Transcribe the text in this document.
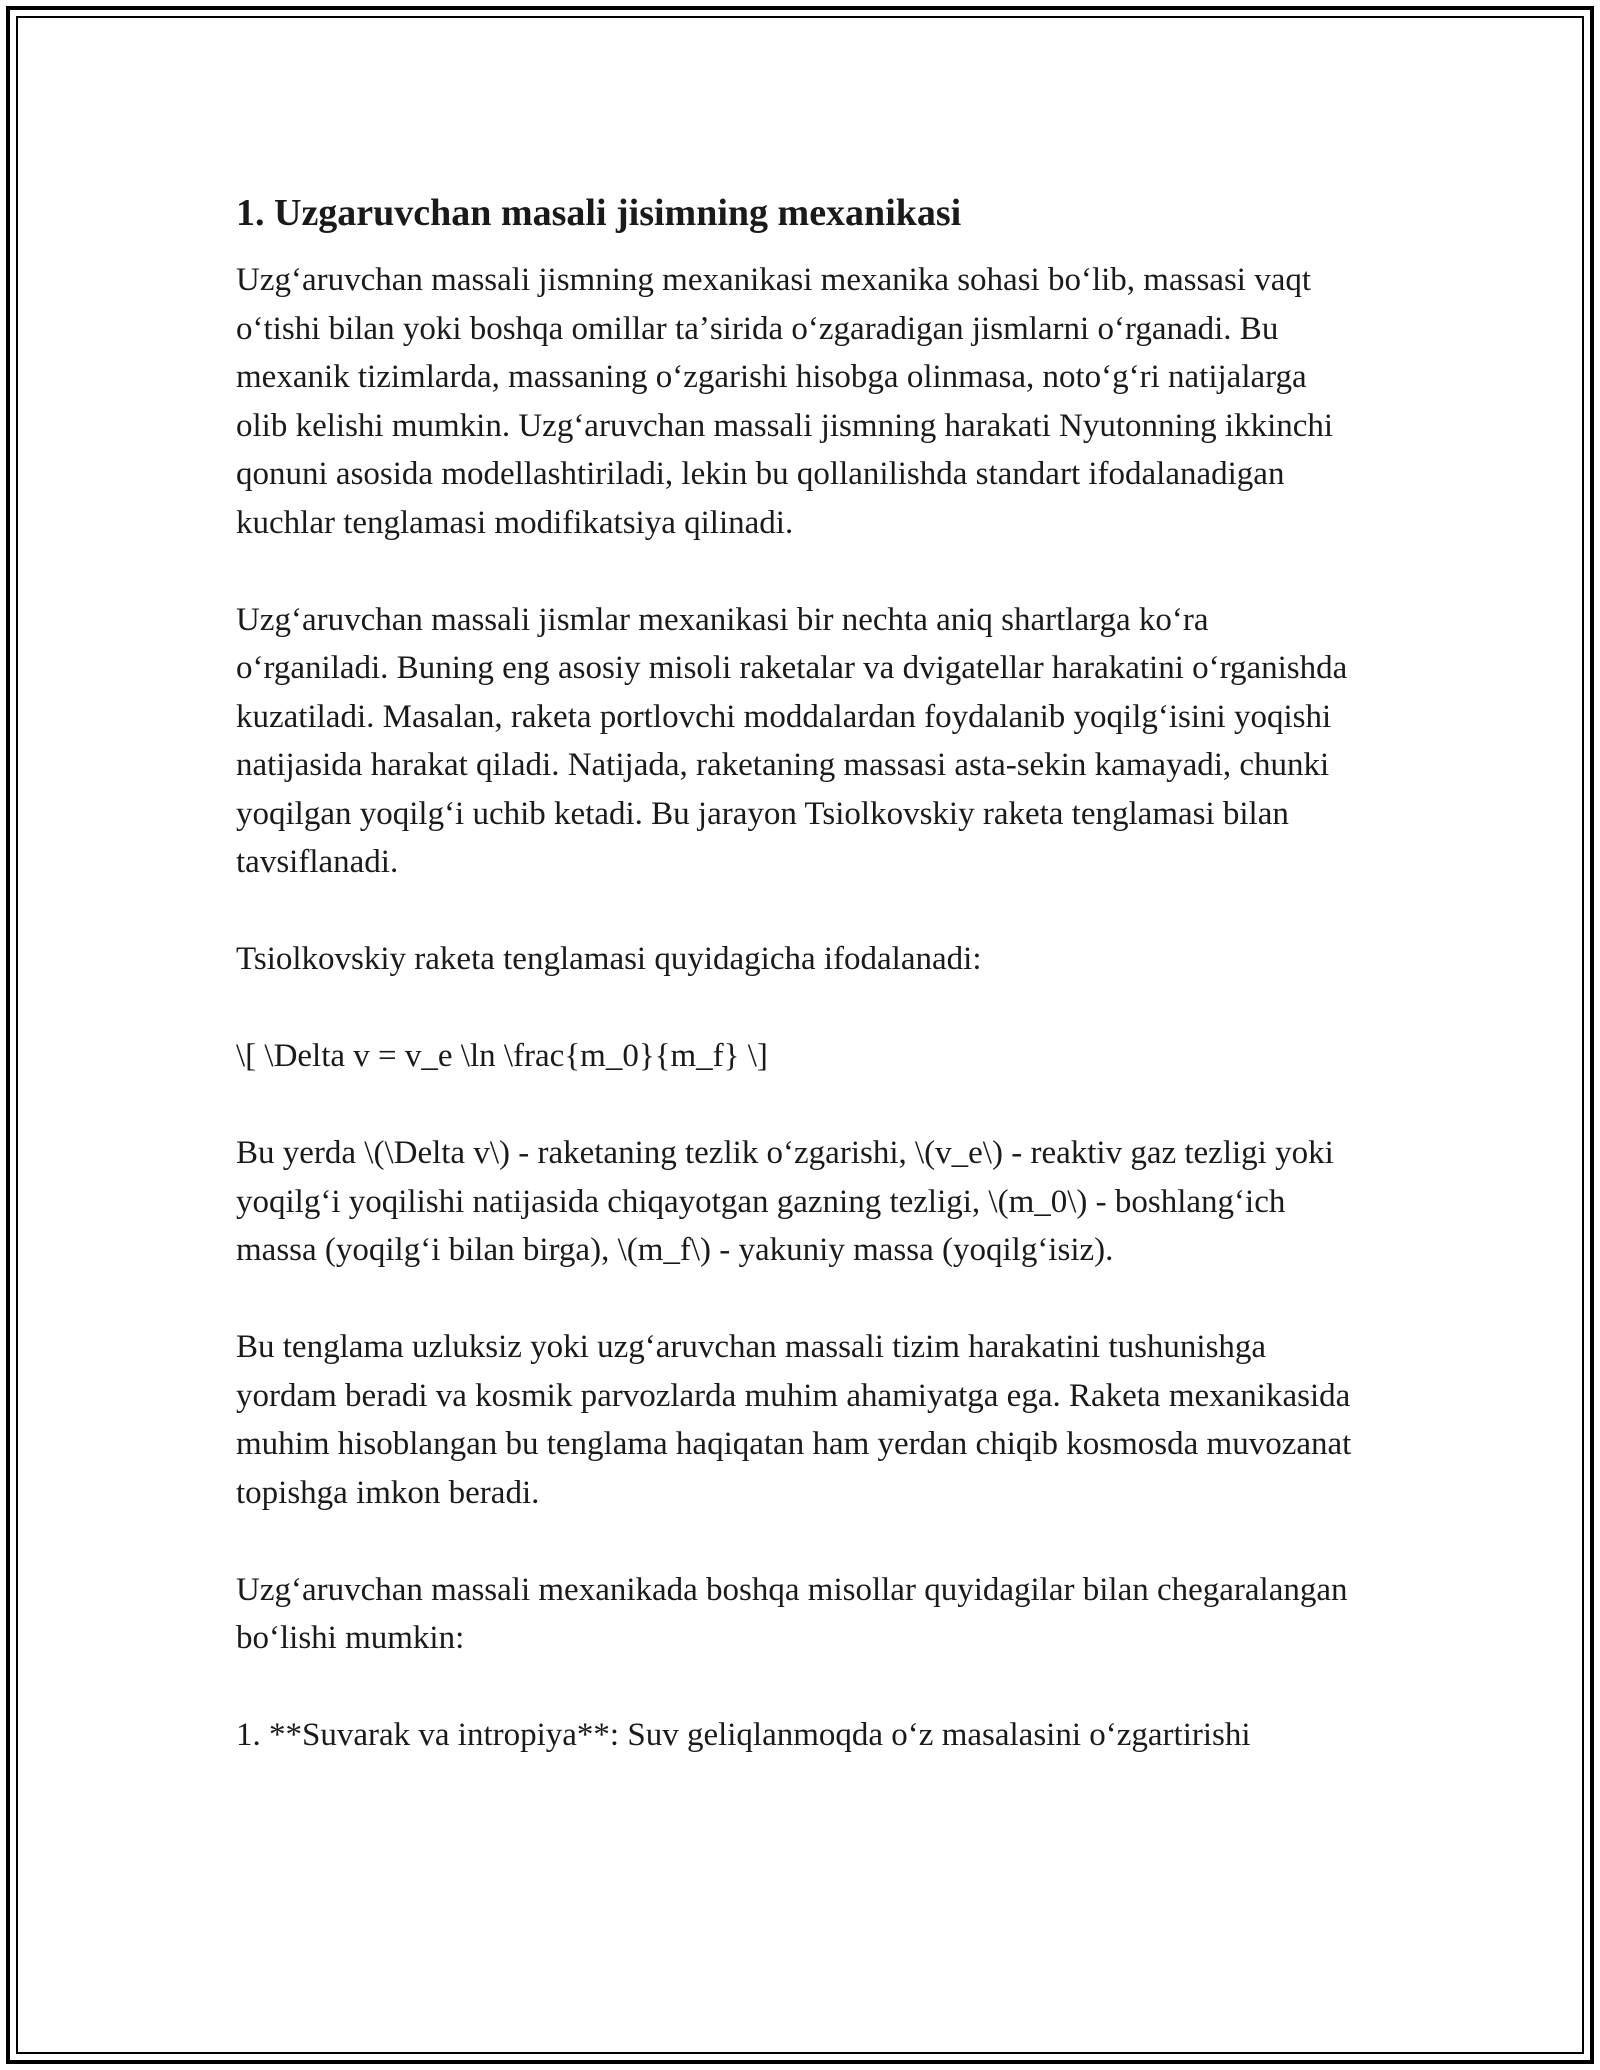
1. Uzgaruvchan masali jisimning mexanikasi

Uzgʻaruvchan massali jismning mexanikasi mexanika sohasi boʻlib, massasi vaqt oʻtishi bilan yoki boshqa omillar taʼsirida oʻzgaradigan jismlarni oʻrganadi. Bu mexanik tizimlarda, massaning oʻzgarishi hisobga olinmasa, notoʻgʻri natijalarga olib kelishi mumkin. Uzgʻaruvchan massali jismning harakati Nyutonning ikkinchi qonuni asosida modellashtiriladi, lekin bu qollanilishda standart ifodalanadigan kuchlar tenglamasi modifikatsiya qilinadi.

Uzgʻaruvchan massali jismlar mexanikasi bir nechta aniq shartlarga koʻra oʻrganiladi. Buning eng asosiy misoli raketalar va dvigatellar harakatini oʻrganishda kuzatiladi. Masalan, raketa portlovchi moddalardan foydalanib yoqilgʻisini yoqishi natijasida harakat qiladi. Natijada, raketaning massasi asta-sekin kamayadi, chunki yoqilgan yoqilgʻi uchib ketadi. Bu jarayon Tsiolkovskiy raketa tenglamasi bilan tavsiflanadi.

Tsiolkovskiy raketa tenglamasi quyidagicha ifodalanadi:

\[ \Delta v = v_e \ln \frac{m_0}{m_f} \]

Bu yerda \(\Delta v\) - raketaning tezlik oʻzgarishi, \(v_e\) - reaktiv gaz tezligi yoki yoqilgʻi yoqilishi natijasida chiqayotgan gazning tezligi, \(m_0\) - boshlangʻich massa (yoqilgʻi bilan birga), \(m_f\) - yakuniy massa (yoqilgʻisiz).

Bu tenglama uzluksiz yoki uzgʻaruvchan massali tizim harakatini tushunishga yordam beradi va kosmik parvozlarda muhim ahamiyatga ega. Raketa mexanikasida muhim hisoblangan bu tenglama haqiqatan ham yerdan chiqib kosmosda muvozanat topishga imkon beradi.

Uzgʻaruvchan massali mexanikada boshqa misollar quyidagilar bilan chegaralangan boʻlishi mumkin:

1. **Suvarak va intropiya**: Suv geliqlanmoqda oʻz masalasini oʻzgartirishi
